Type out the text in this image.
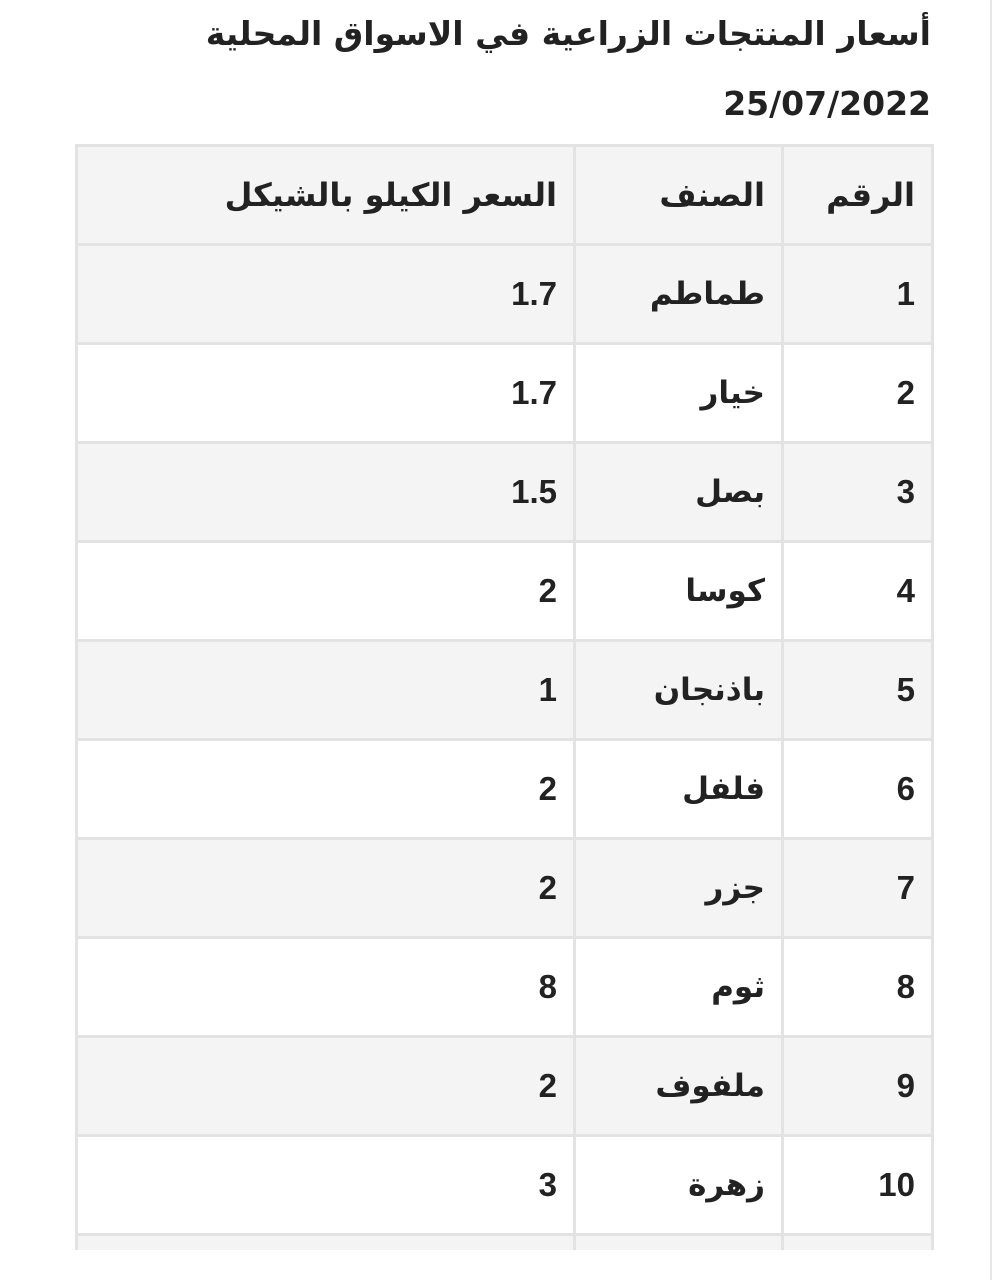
أسعار المنتجات الزراعية في الاسواق المحلية
25/07/2022
الرقم	الصنف	السعر الكيلو بالشيكل
1	طماطم	1.7
2	خيار	1.7
3	بصل	1.5
4	كوسا	2
5	باذنجان	1
6	فلفل	2
7	جزر	2
8	ثوم	8
9	ملفوف	2
10	زهرة	3
